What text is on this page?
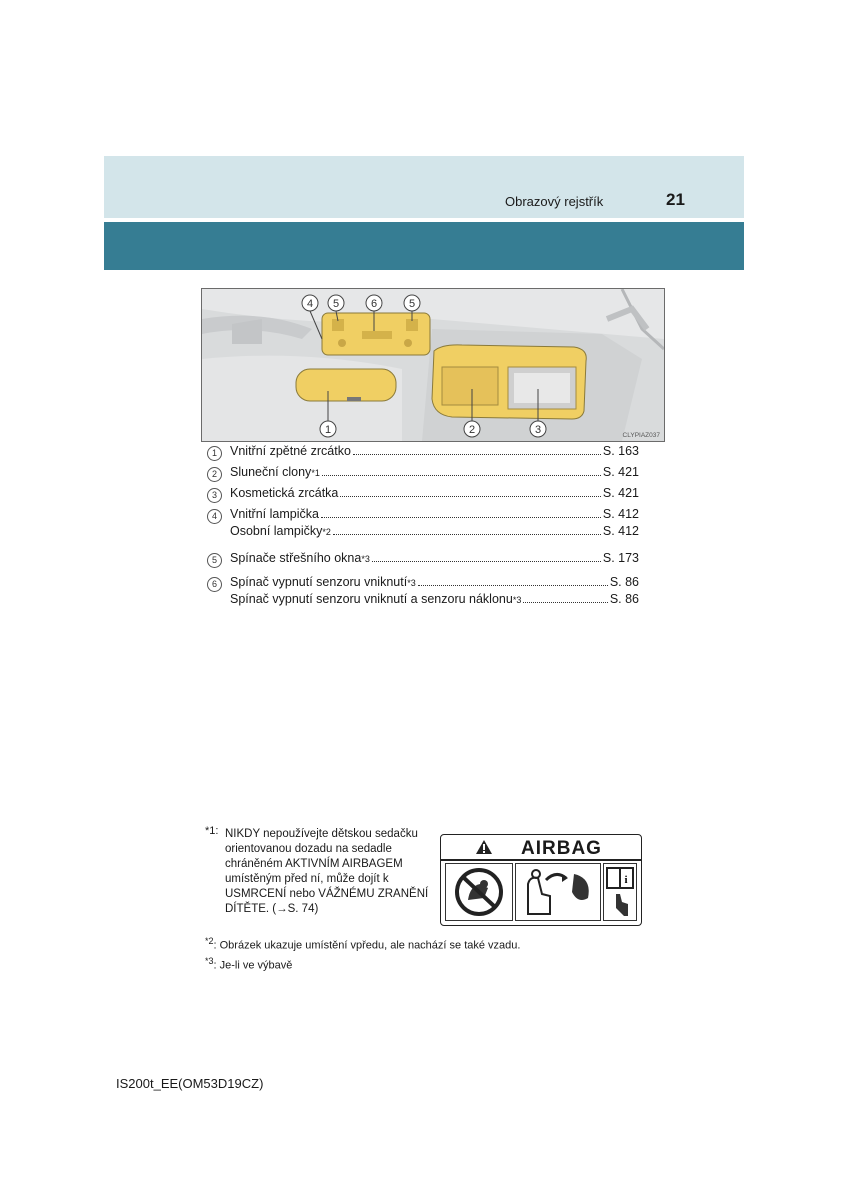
Obrazový rejstřík	21
1	2	3
4 5	6	5
CLYPIAZ037
1	Vnitřní zpětné zrcátko	S. 163
2	Sluneční clony *1	S. 421
3	Kosmetická zrcátka	S. 421
4	Vnitřní lampička	S. 412
Osobní lampičky *2	S. 412
5	Spínače střešního okna *3	S. 173
6	Spínač vypnutí senzoru vniknutí *3	S. 86
Spínač vypnutí senzoru vniknutí a senzoru náklonu *3	S. 86
*1: NIKDY nepoužívejte dětskou sedačku orientovanou dozadu na sedadle chráněném AKTIVNÍM AIRBAGEM umístěným před ní, může dojít k USMRCENÍ nebo VÁŽNÉMU ZRANĚNÍ DÍTĚTE. (→S. 74)
AIRBAG
i
$^{*2}$: Obrázek ukazuje umístění vpředu, ale nachází se také vzadu.
$^{*3}$: Je-li ve výbavě
IS200t_EE(OM53D19CZ)
